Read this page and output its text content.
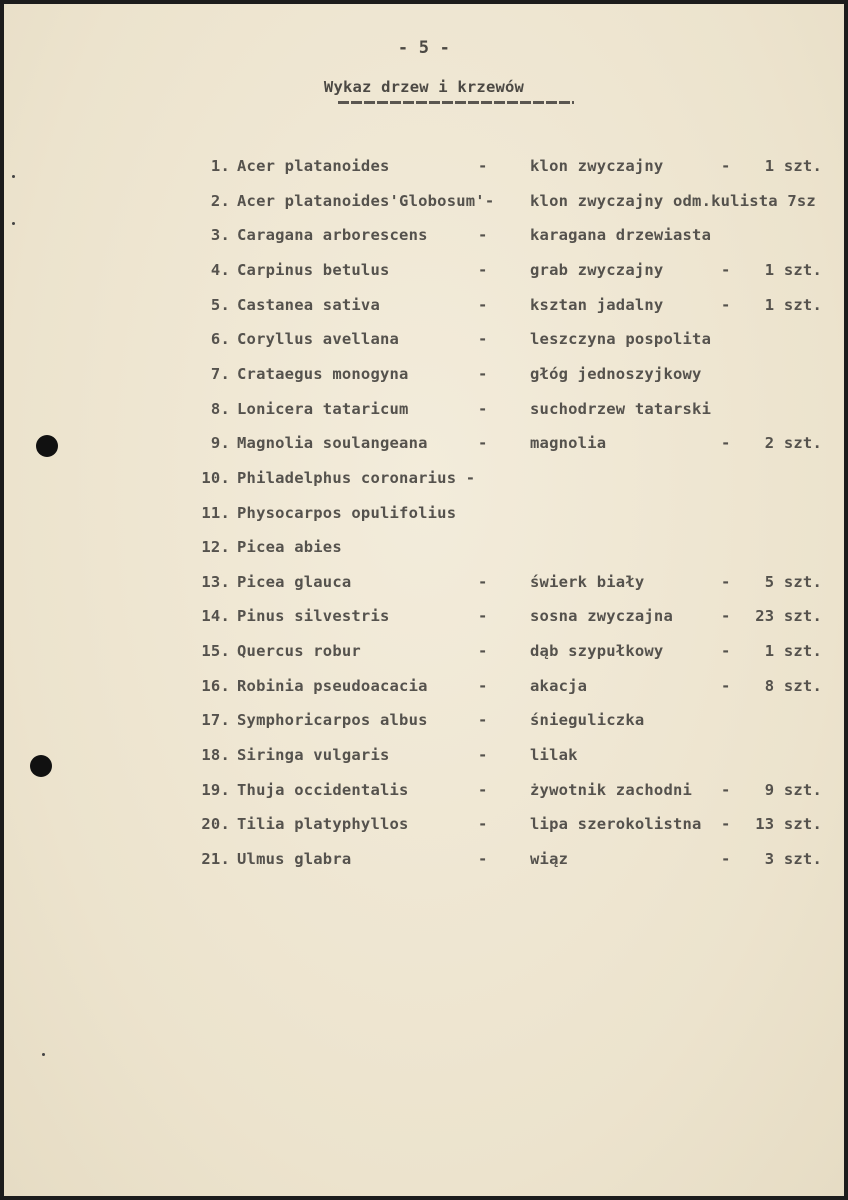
- 5 -
Wykaz drzew i krzewów
1. Acer platanoides	-	klon zwyczajny	- 1 szt.
2. Acer platanoides'Globosum'- klon zwyczajny odm.kulista 7sz
3. Caragana arborescens	-	karagana drzewiasta
4. Carpinus betulus	-	grab zwyczajny	- 1 szt.
5. Castanea sativa	-	ksztan jadalny	- 1 szt.
6. Coryllus avellana	-	leszczyna pospolita
7. Crataegus monogyna	-	głóg jednoszyjkowy
8. Lonicera tataricum	-	suchodrzew tatarski
9. Magnolia soulangeana	-	magnolia	- 2 szt.
10. Philadelphus coronarius -
11. Physocarpos opulifolius
12. Picea abies
13. Picea glauca	-	świerk biały	- 5 szt.
14. Pinus silvestris	-	sosna zwyczajna	- 23 szt.
15. Quercus robur	-	dąb szypułkowy	- 1 szt.
16. Robinia pseudoacacia	-	akacja	- 8 szt.
17. Symphoricarpos albus	-	śnieguliczka
18. Siringa vulgaris	-	lilak
19. Thuja occidentalis	-	żywotnik zachodni - 9 szt.
20. Tilia platyphyllos	-	lipa szerokolistna - 13 szt.
21. Ulmus glabra	-	wiąz	- 3 szt.
